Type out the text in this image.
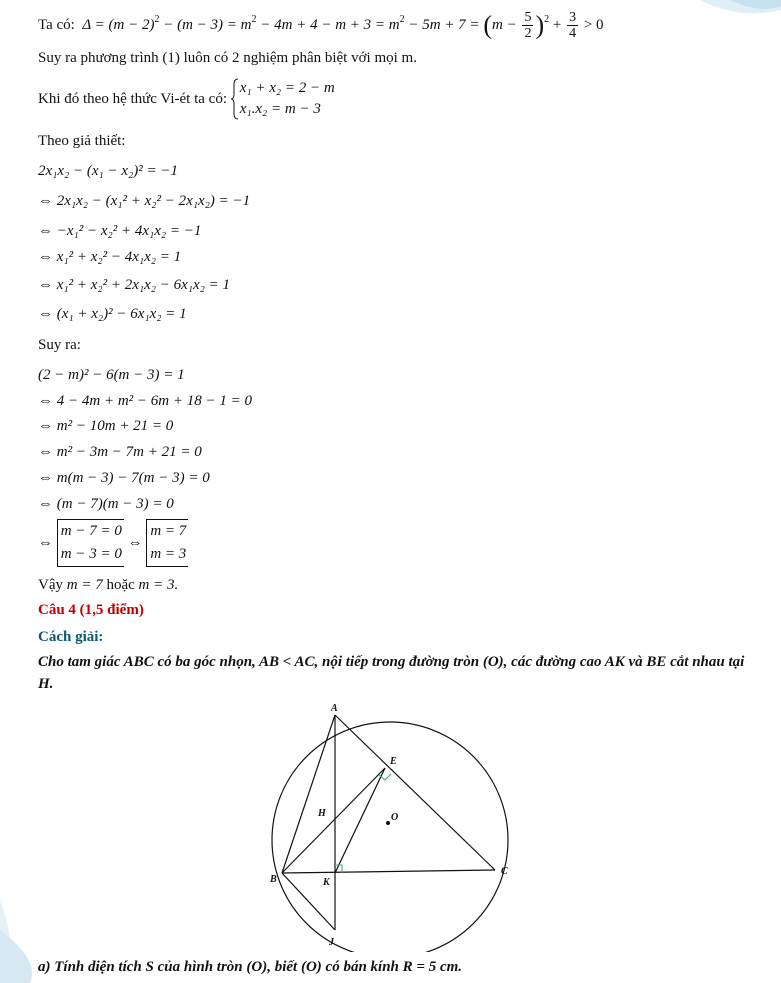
Ta có: $\Delta = (m - 2)^2 - (m - 3) = m^2 - 4m + 4 - m + 3 = m^2 - 5m + 7 = (m - \frac{5}{2} )^2 + \frac{3}{4} > 0$
Suy ra phương trình (1) luôn có 2 nghiệm phân biệt với mọi m.
Khi đó theo hệ thức Vi-ét ta có:
x₁ + x₂ = 2 − m
x₁.x₂ = m − 3
Theo giả thiết:
2x₁x₂ − (x₁ − x₂)² = −1
⇔ 2x₁x₂ − (x₁² + x₂² − 2x₁x₂) = −1
⇔ −x₁² − x₂² + 4x₁x₂ = −1
⇔ x₁² + x₂² − 4x₁x₂ = 1
⇔ x₁² + x₂² + 2x₁x₂ − 6x₁x₂ = 1
⇔ (x₁ + x₂)² − 6x₁x₂ = 1
Suy ra:
(2 − m)² − 6(m − 3) = 1
⇔ 4 − 4m + m² − 6m + 18 − 1 = 0
⇔ m² − 10m + 21 = 0
⇔ m² − 3m − 7m + 21 = 0
⇔ m(m − 3) − 7(m − 3) = 0
⇔ (m − 7)(m − 3) = 0
⇔
m − 7 = 0
m − 3 = 0
⇔
m = 7
m = 3
Vậy m = 7 hoặc m = 3.
Câu 4 (1,5 điểm)
Cách giải:
Cho tam giác ABC có ba góc nhọn, AB < AC, nội tiếp trong đường tròn (O), các đường cao AK và BE cắt nhau tại H.
a) Tính diện tích S của hình tròn (O), biết (O) có bán kính R = 5 cm.
A
B
C
E
H
K
O
J
